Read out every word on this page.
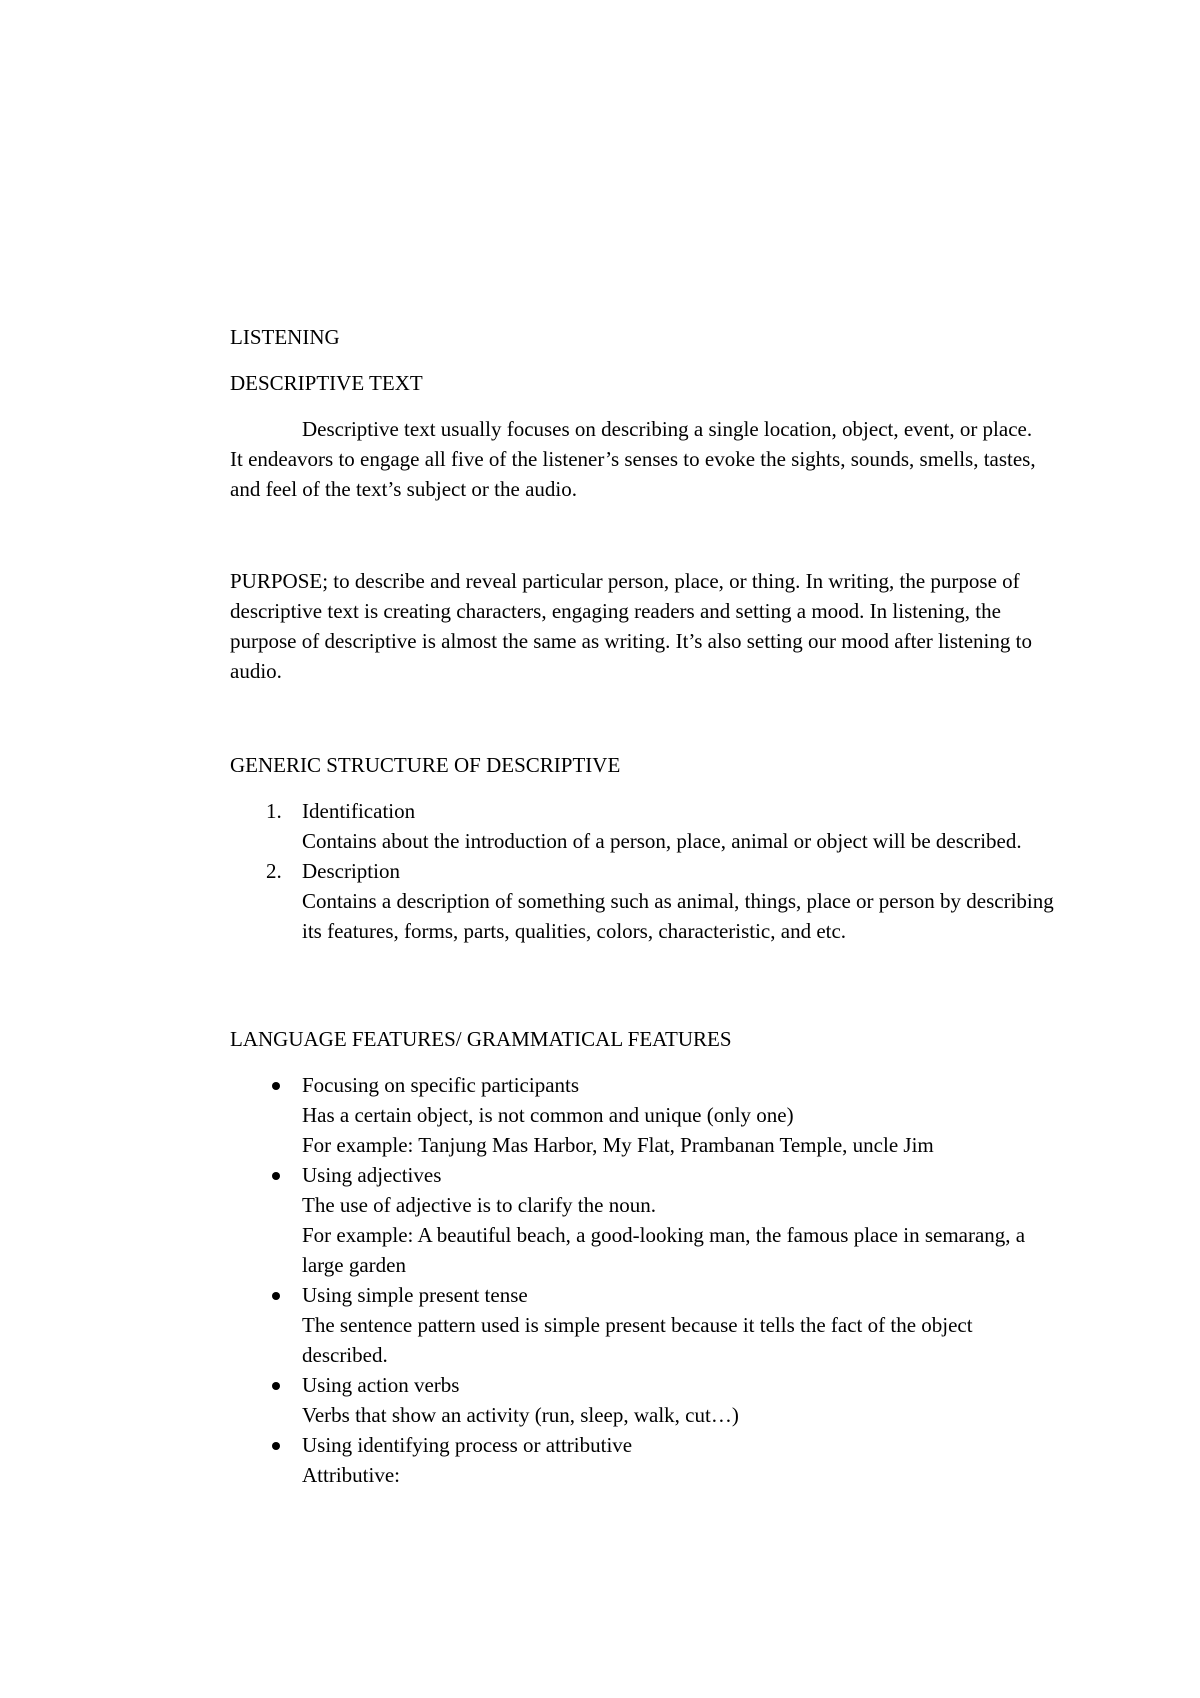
LISTENING
DESCRIPTIVE TEXT

Descriptive text usually focuses on describing a single location, object, event, or place. It endeavors to engage all five of the listener’s senses to evoke the sights, sounds, smells, tastes, and feel of the text’s subject or the audio.

PURPOSE; to describe and reveal particular person, place, or thing. In writing, the purpose of descriptive text is creating characters, engaging readers and setting a mood. In listening, the purpose of descriptive is almost the same as writing. It’s also setting our mood after listening to audio.

GENERIC STRUCTURE OF DESCRIPTIVE
1. Identification
Contains about the introduction of a person, place, animal or object will be described.
2. Description
Contains a description of something such as animal, things, place or person by describing its features, forms, parts, qualities, colors, characteristic, and etc.
LANGUAGE FEATURES/ GRAMMATICAL FEATURES
Focusing on specific participants
Has a certain object, is not common and unique (only one)
For example: Tanjung Mas Harbor, My Flat, Prambanan Temple, uncle Jim
Using adjectives
The use of adjective is to clarify the noun.
For example: A beautiful beach, a good-looking man, the famous place in semarang, a large garden
Using simple present tense
The sentence pattern used is simple present because it tells the fact of the object described.
Using action verbs
Verbs that show an activity (run, sleep, walk, cut…)
Using identifying process or attributive
Attributive:
